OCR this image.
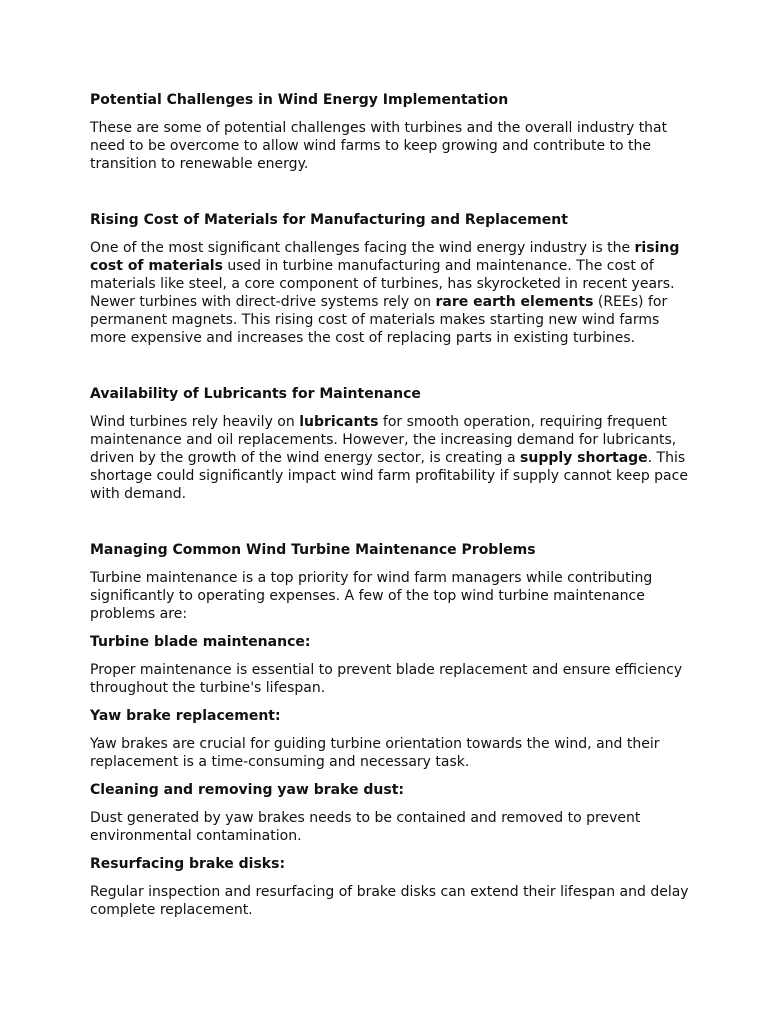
Potential Challenges in Wind Energy Implementation

These are some of potential challenges with turbines and the overall industry that need to be overcome to allow wind farms to keep growing and contribute to the transition to renewable energy.

Rising Cost of Materials for Manufacturing and Replacement

One of the most significant challenges facing the wind energy industry is the rising cost of materials used in turbine manufacturing and maintenance. The cost of materials like steel, a core component of turbines, has skyrocketed in recent years. Newer turbines with direct-drive systems rely on rare earth elements (REEs) for permanent magnets. This rising cost of materials makes starting new wind farms more expensive and increases the cost of replacing parts in existing turbines.

Availability of Lubricants for Maintenance

Wind turbines rely heavily on lubricants for smooth operation, requiring frequent maintenance and oil replacements. However, the increasing demand for lubricants, driven by the growth of the wind energy sector, is creating a supply shortage. This shortage could significantly impact wind farm profitability if supply cannot keep pace with demand.

Managing Common Wind Turbine Maintenance Problems

Turbine maintenance is a top priority for wind farm managers while contributing significantly to operating expenses. A few of the top wind turbine maintenance problems are:

Turbine blade maintenance:

Proper maintenance is essential to prevent blade replacement and ensure efficiency throughout the turbine's lifespan.

Yaw brake replacement:

Yaw brakes are crucial for guiding turbine orientation towards the wind, and their replacement is a time-consuming and necessary task.

Cleaning and removing yaw brake dust:

Dust generated by yaw brakes needs to be contained and removed to prevent environmental contamination.

Resurfacing brake disks:

Regular inspection and resurfacing of brake disks can extend their lifespan and delay complete replacement.
